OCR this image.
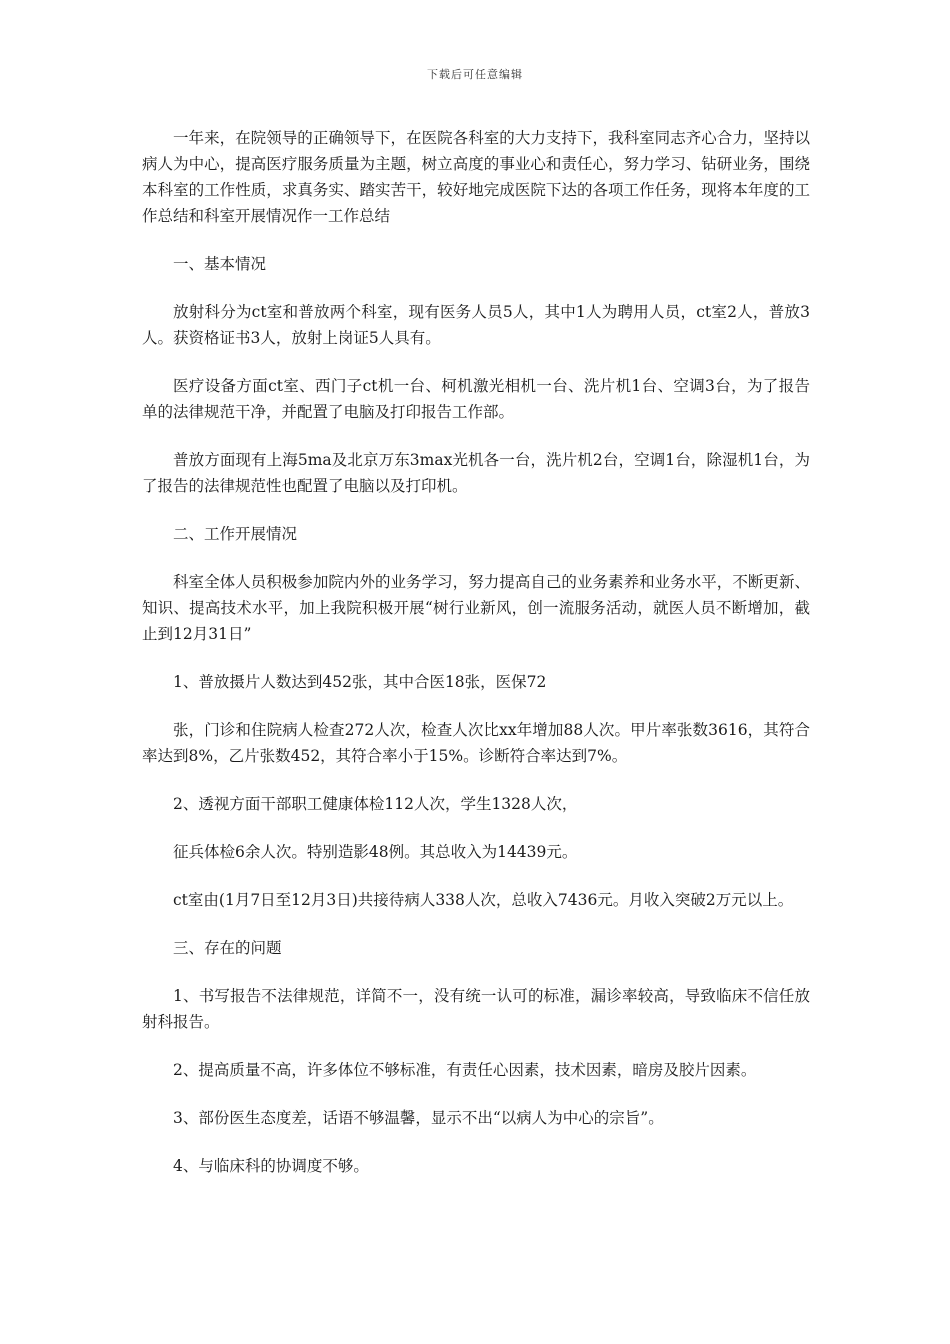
下载后可任意编辑

一年来，在院领导的正确领导下，在医院各科室的大力支持下，我科室同志齐心合力，坚持以病人为中心，提高医疗服务质量为主题，树立高度的事业心和责任心，努力学习、钻研业务，围绕本科室的工作性质，求真务实、踏实苦干，较好地完成医院下达的各项工作任务，现将本年度的工作总结和科室开展情况作一工作总结

一、基本情况

放射科分为ct室和普放两个科室，现有医务人员5人，其中1人为聘用人员，ct室2人，普放3人。获资格证书3人，放射上岗证5人具有。

医疗设备方面ct室、西门子ct机一台、柯机激光相机一台、洗片机1台、空调3台，为了报告单的法律规范干净，并配置了电脑及打印报告工作部。

普放方面现有上海5ma及北京万东3max光机各一台，洗片机2台，空调1台，除湿机1台，为了报告的法律规范性也配置了电脑以及打印机。

二、工作开展情况

科室全体人员积极参加院内外的业务学习，努力提高自己的业务素养和业务水平，不断更新、知识、提高技术水平，加上我院积极开展“树行业新风，创一流服务活动，就医人员不断增加，截止到12月31日”

1、普放摄片人数达到452张，其中合医18张，医保72

张，门诊和住院病人检查272人次，检查人次比xx年增加88人次。甲片率张数3616，其符合率达到8%，乙片张数452，其符合率小于15%。诊断符合率达到7%。

2、透视方面干部职工健康体检112人次，学生1328人次，

征兵体检6余人次。特别造影48例。其总收入为14439元。

ct室由(1月7日至12月3日)共接待病人338人次，总收入7436元。月收入突破2万元以上。

三、存在的问题

1、书写报告不法律规范，详简不一，没有统一认可的标准，漏诊率较高，导致临床不信任放射科报告。

2、提高质量不高，许多体位不够标准，有责任心因素，技术因素，暗房及胶片因素。

3、部份医生态度差，话语不够温馨，显示不出“以病人为中心的宗旨”。

4、与临床科的协调度不够。
